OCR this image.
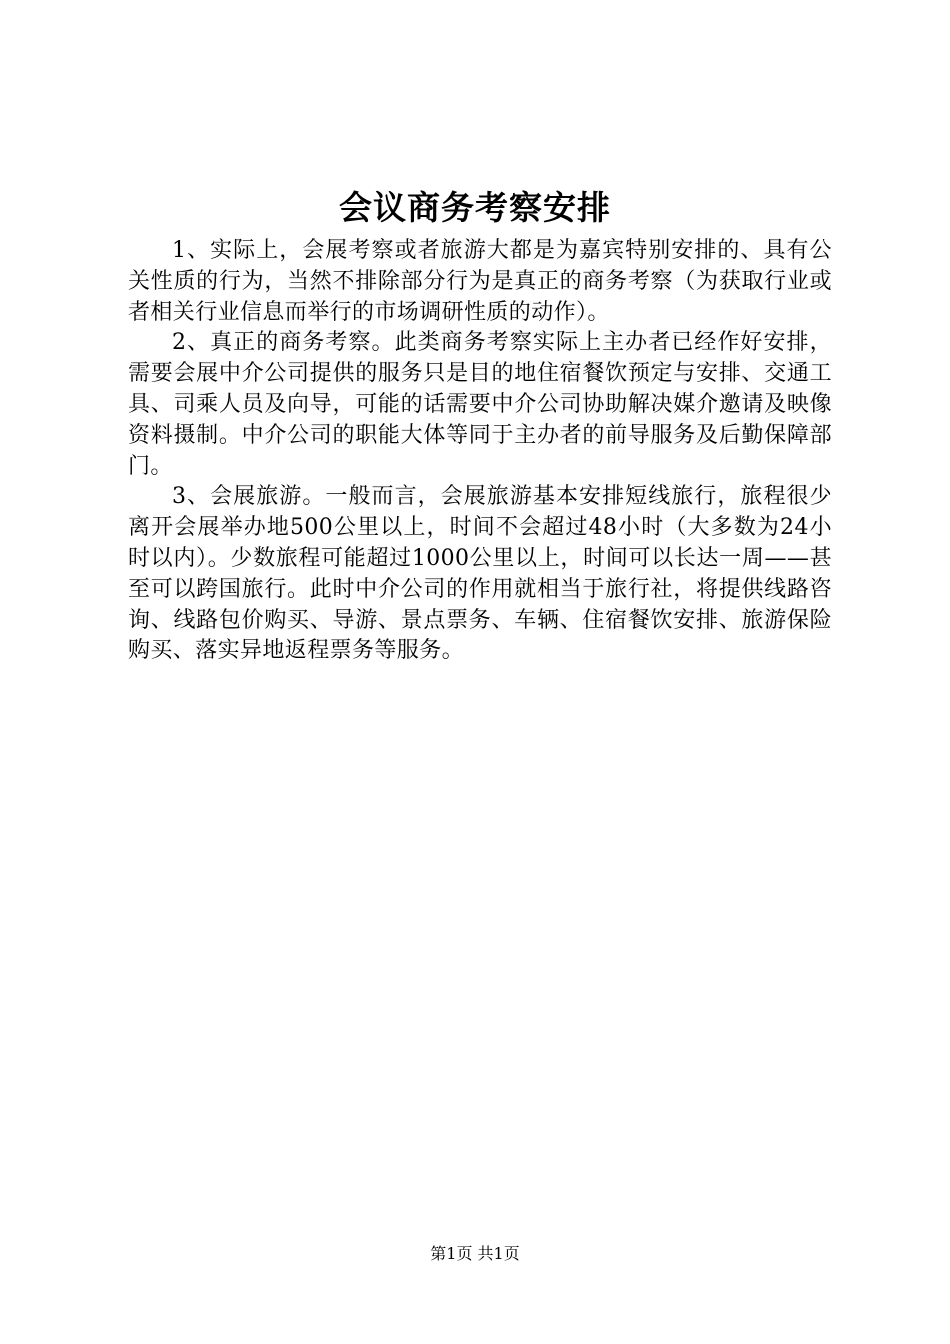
会议商务考察安排

1、实际上，会展考察或者旅游大都是为嘉宾特别安排的、具有公关性质的行为，当然不排除部分行为是真正的商务考察（为获取行业或者相关行业信息而举行的市场调研性质的动作）。

2、真正的商务考察。此类商务考察实际上主办者已经作好安排，需要会展中介公司提供的服务只是目的地住宿餐饮预定与安排、交通工具、司乘人员及向导，可能的话需要中介公司协助解决媒介邀请及映像资料摄制。中介公司的职能大体等同于主办者的前导服务及后勤保障部门。

3、会展旅游。一般而言，会展旅游基本安排短线旅行，旅程很少离开会展举办地500公里以上，时间不会超过48小时（大多数为24小时以内）。少数旅程可能超过1000公里以上，时间可以长达一周——甚至可以跨国旅行。此时中介公司的作用就相当于旅行社，将提供线路咨询、线路包价购买、导游、景点票务、车辆、住宿餐饮安排、旅游保险购买、落实异地返程票务等服务。

第1页 共1页
